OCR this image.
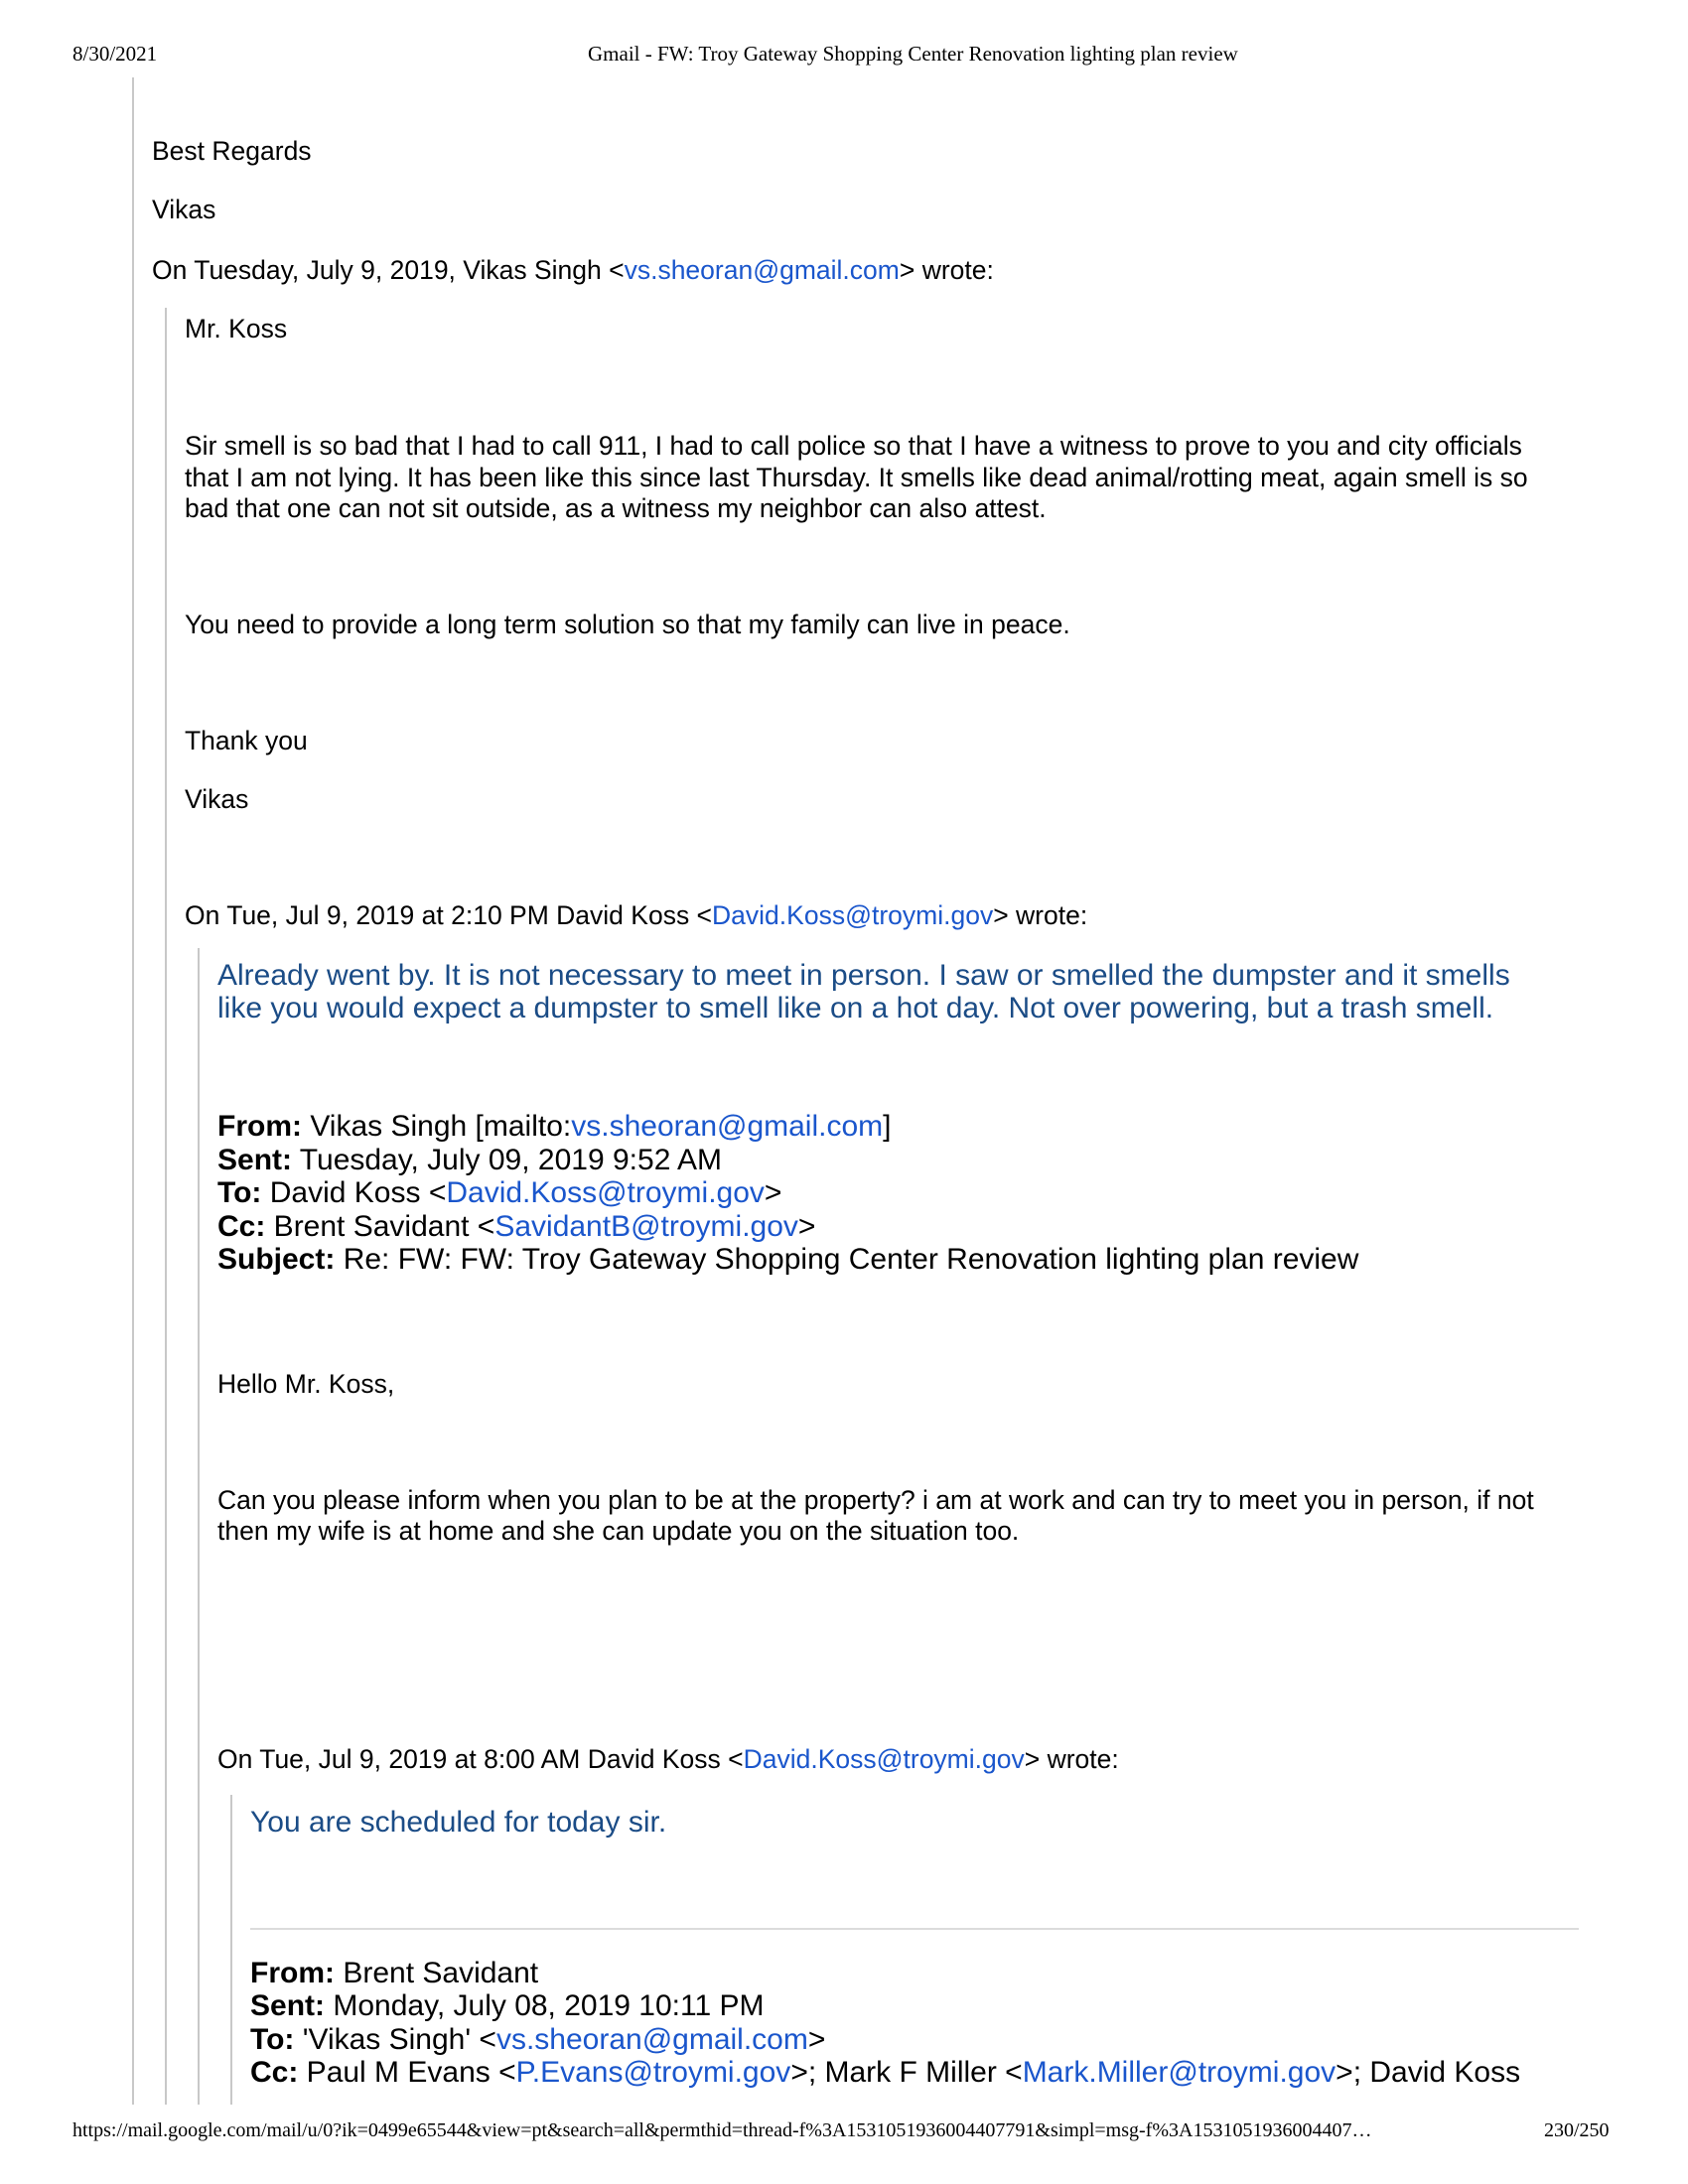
8/30/2021	Gmail - FW: Troy Gateway Shopping Center Renovation lighting plan review
Best Regards
Vikas
On Tuesday, July 9, 2019, Vikas Singh <vs.sheoran@gmail.com> wrote:
Mr. Koss
Sir smell is so bad that I had to call 911, I had to call police so that I have a witness to prove to you and city officials
that I am not lying. It has been like this since last Thursday. It smells like dead animal/rotting meat, again smell is so
bad that one can not sit outside, as a witness my neighbor can also attest.
You need to provide a long term solution so that my family can live in peace.
Thank you
Vikas
On Tue, Jul 9, 2019 at 2:10 PM David Koss <David.Koss@troymi.gov> wrote:
Already went by. It is not necessary to meet in person. I saw or smelled the dumpster and it smells
like you would expect a dumpster to smell like on a hot day. Not over powering, but a trash smell.
From: Vikas Singh [mailto:vs.sheoran@gmail.com]
Sent: Tuesday, July 09, 2019 9:52 AM
To: David Koss <David.Koss@troymi.gov>
Cc: Brent Savidant <SavidantB@troymi.gov>
Subject: Re: FW: FW: Troy Gateway Shopping Center Renovation lighting plan review
Hello Mr. Koss,
Can you please inform when you plan to be at the property? i am at work and can try to meet you in person, if not
then my wife is at home and she can update you on the situation too.
On Tue, Jul 9, 2019 at 8:00 AM David Koss <David.Koss@troymi.gov> wrote:
You are scheduled for today sir.
From: Brent Savidant
Sent: Monday, July 08, 2019 10:11 PM
To: 'Vikas Singh' <vs.sheoran@gmail.com>
Cc: Paul M Evans <P.Evans@troymi.gov>; Mark F Miller <Mark.Miller@troymi.gov>; David Koss
https://mail.google.com/mail/u/0?ik=0499e65544&view=pt&search=all&permthid=thread-f%3A1531051936004407791&simpl=msg-f%3A1531051936004407…	230/250
